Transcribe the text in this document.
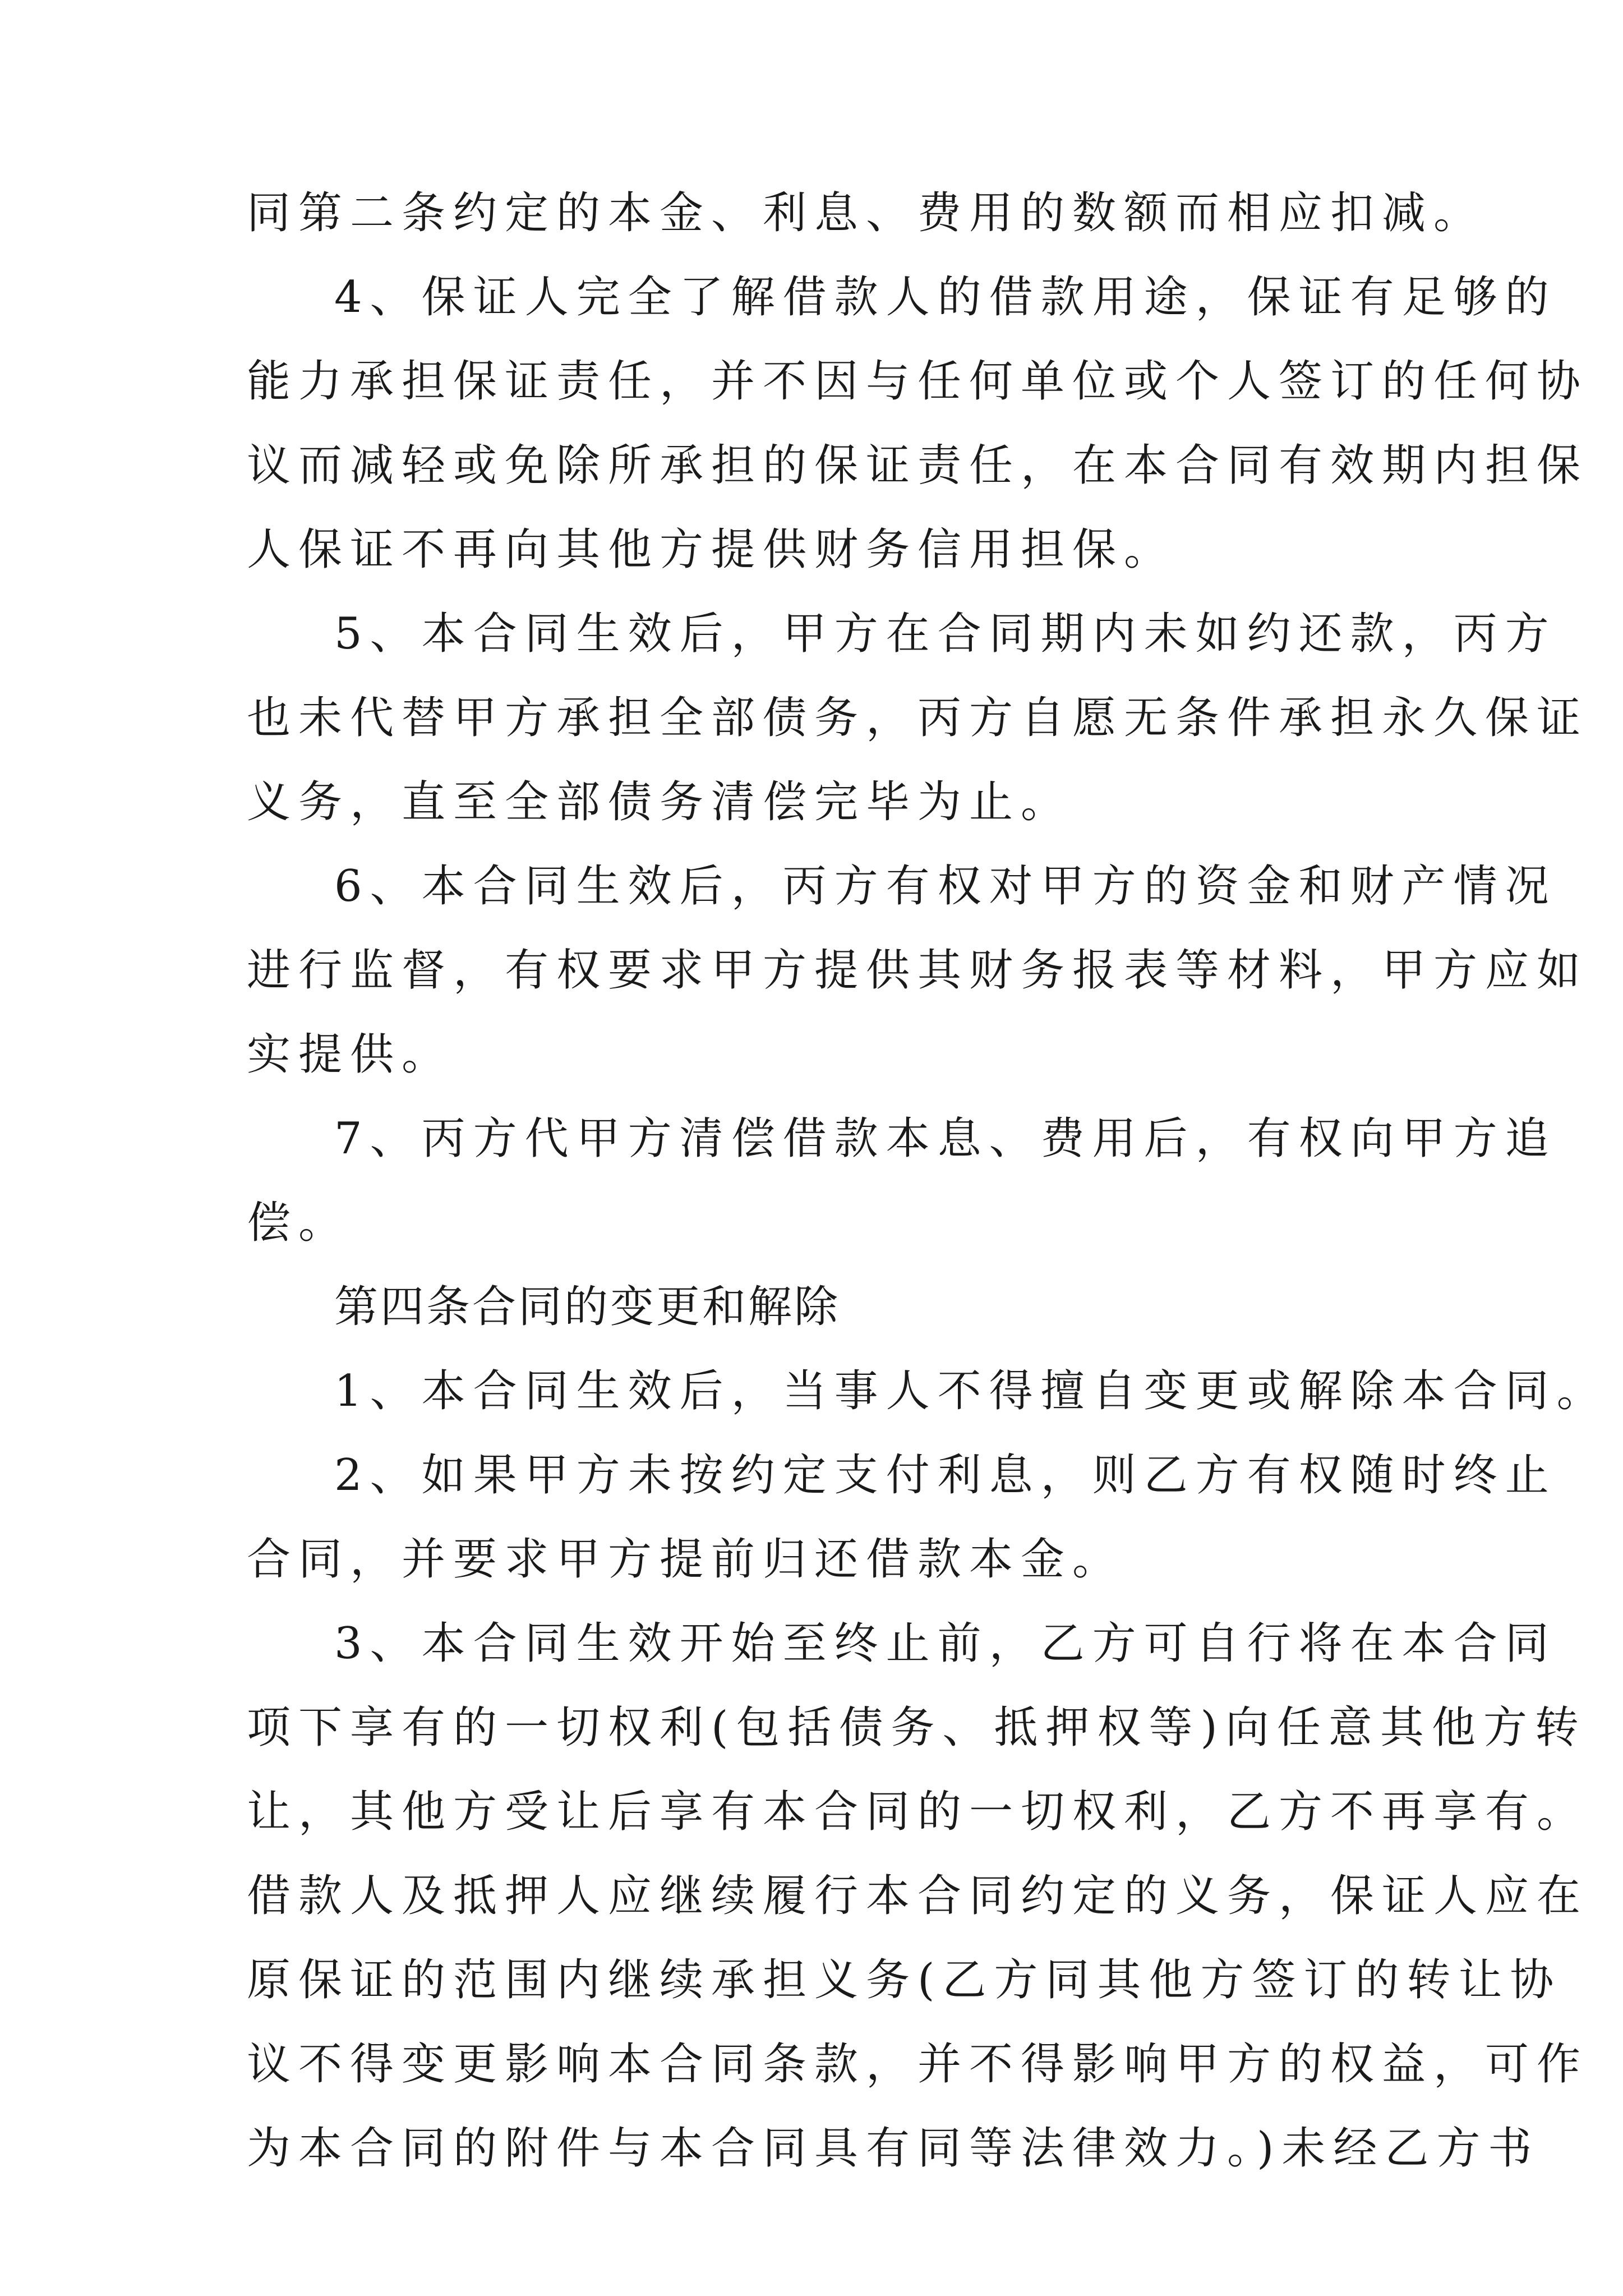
同第二条约定的本金、利息、费用的数额而相应扣减。
4、保证人完全了解借款人的借款用途，保证有足够的
能力承担保证责任，并不因与任何单位或个人签订的任何协
议而减轻或免除所承担的保证责任，在本合同有效期内担保
人保证不再向其他方提供财务信用担保。
5、本合同生效后，甲方在合同期内未如约还款，丙方
也未代替甲方承担全部债务，丙方自愿无条件承担永久保证
义务，直至全部债务清偿完毕为止。
6、本合同生效后，丙方有权对甲方的资金和财产情况
进行监督，有权要求甲方提供其财务报表等材料，甲方应如
实提供。
7、丙方代甲方清偿借款本息、费用后，有权向甲方追
偿。
第四条合同的变更和解除
1、本合同生效后，当事人不得擅自变更或解除本合同。
2、如果甲方未按约定支付利息，则乙方有权随时终止
合同，并要求甲方提前归还借款本金。
3、本合同生效开始至终止前，乙方可自行将在本合同
项下享有的一切权利(包括债务、抵押权等)向任意其他方转
让，其他方受让后享有本合同的一切权利，乙方不再享有。
借款人及抵押人应继续履行本合同约定的义务，保证人应在
原保证的范围内继续承担义务(乙方同其他方签订的转让协
议不得变更影响本合同条款，并不得影响甲方的权益，可作
为本合同的附件与本合同具有同等法律效力。)未经乙方书
